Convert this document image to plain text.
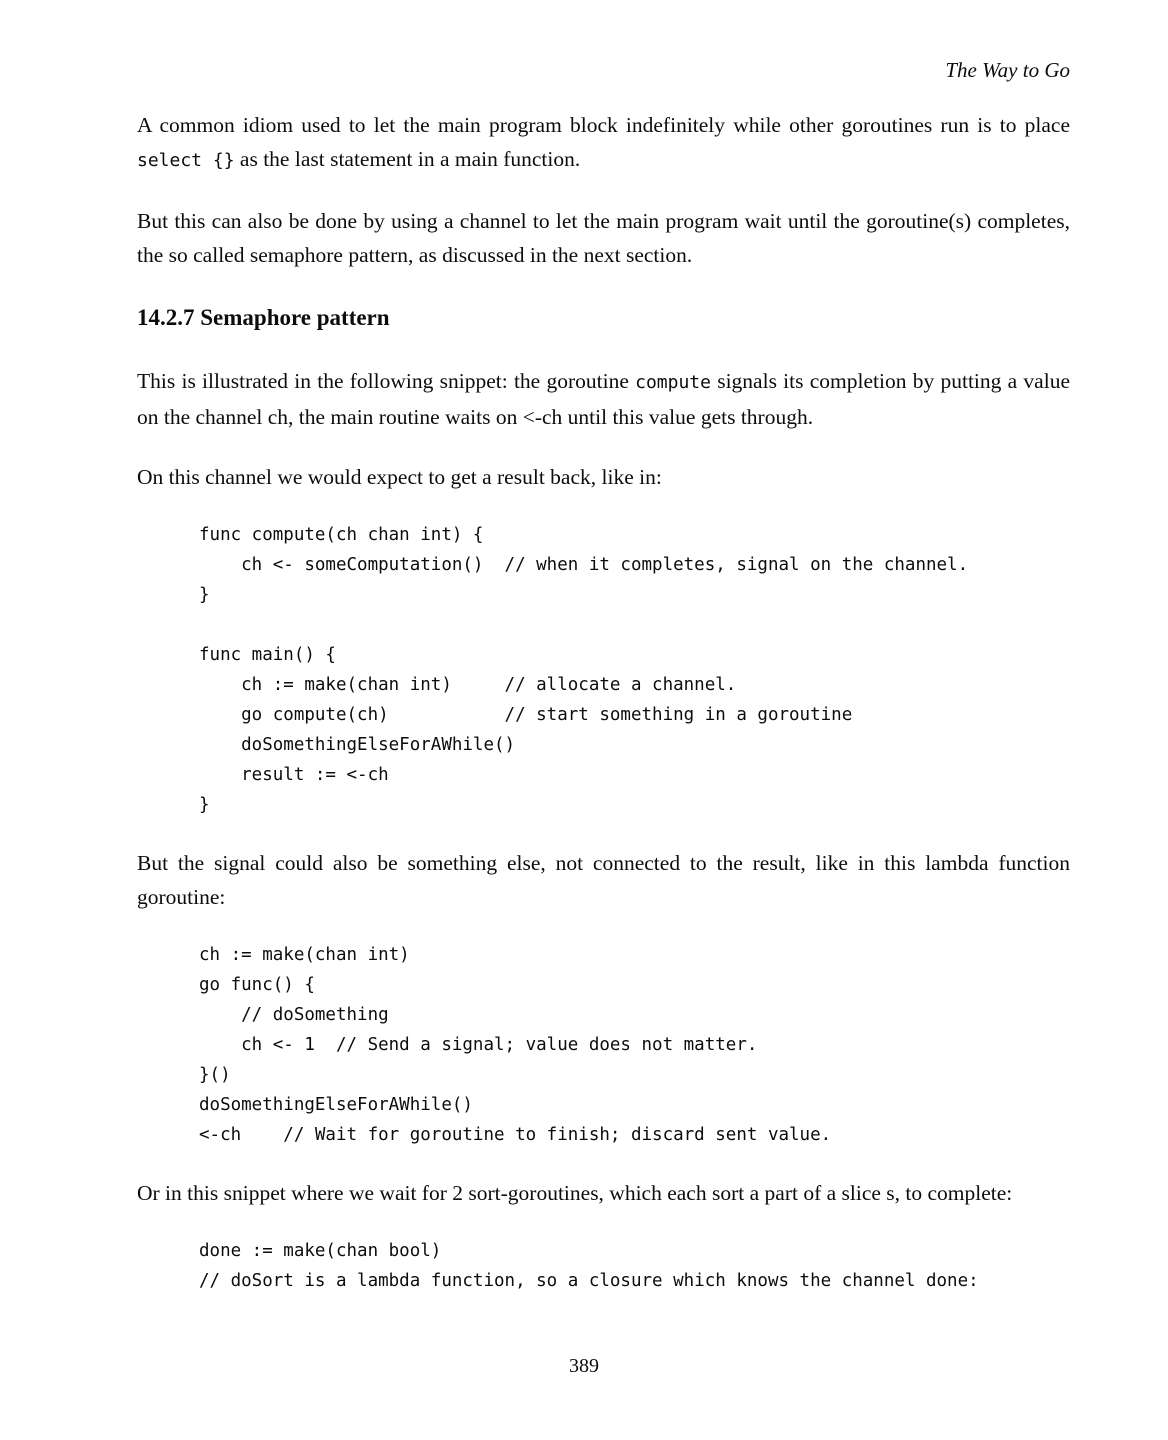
The Way to Go

A common idiom used to let the main program block indefinitely while other goroutines run is to place select {} as the last statement in a main function.

But this can also be done by using a channel to let the main program wait until the goroutine(s) completes, the so called semaphore pattern, as discussed in the next section.

14.2.7 Semaphore pattern

This is illustrated in the following snippet: the goroutine compute signals its completion by putting a value on the channel ch, the main routine waits on <-ch until this value gets through.

On this channel we would expect to get a result back, like in:

func compute(ch chan int) {
ch <- someComputation()  // when it completes, signal on the channel.
}
func main() {
ch := make(chan int)     // allocate a channel.
go compute(ch)           // start something in a goroutine
doSomethingElseForAWhile()
result := <-ch
}

But the signal could also be something else, not connected to the result, like in this lambda function goroutine:

ch := make(chan int)
go func() {
// doSomething
ch <- 1  // Send a signal; value does not matter.
}()
doSomethingElseForAWhile()
<-ch    // Wait for goroutine to finish; discard sent value.

Or in this snippet where we wait for 2 sort-goroutines, which each sort a part of a slice s, to complete:

done := make(chan bool)
// doSort is a lambda function, so a closure which knows the channel done:
389
